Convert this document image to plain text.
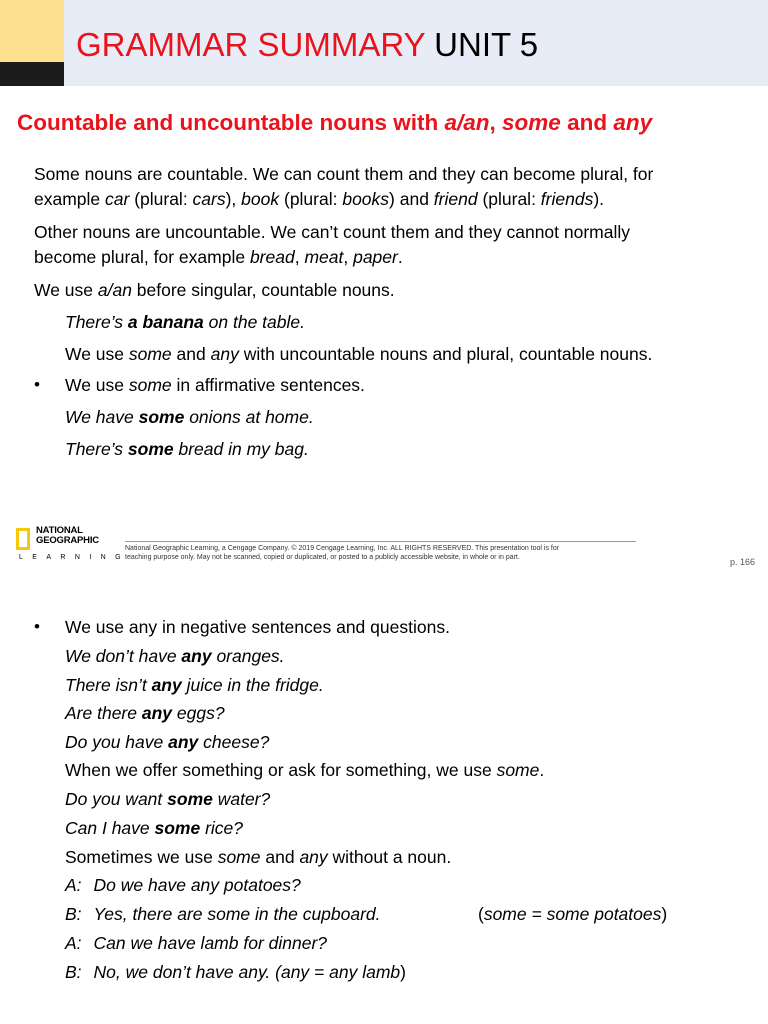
GRAMMAR SUMMARY UNIT 5
Countable and uncountable nouns with a/an, some and any
Some nouns are countable. We can count them and they can become plural, for
example car (plural: cars), book (plural: books) and friend (plural: friends).
Other nouns are uncountable. We can’t count them and they cannot normally
become plural, for example bread, meat, paper.
We use a/an before singular, countable nouns.
There’s a banana on the table.
We use some and any with uncountable nouns and plural, countable nouns.
• We use some in affirmative sentences.
We have some onions at home.
There’s some bread in my bag.
NATIONAL
GEOGRAPHIC
LEARNING
National Geographic Learning, a Cengage Company. © 2019 Cengage Learning, Inc. ALL RIGHTS RESERVED. This presentation tool is for
teaching purpose only. May not be scanned, copied or duplicated, or posted to a publicly accessible website, in whole or in part.	p. 166
• We use any in negative sentences and questions.
We don’t have any oranges.
There isn’t any juice in the fridge.
Are there any eggs?
Do you have any cheese?
When we offer something or ask for something, we use some.
Do you want some water?
Can I have some rice?
Sometimes we use some and any without a noun.
A: Do we have any potatoes?
B: Yes, there are some in the cupboard.	(some = some potatoes)
A: Can we have lamb for dinner?
B: No, we don’t have any. (any = any lamb)
